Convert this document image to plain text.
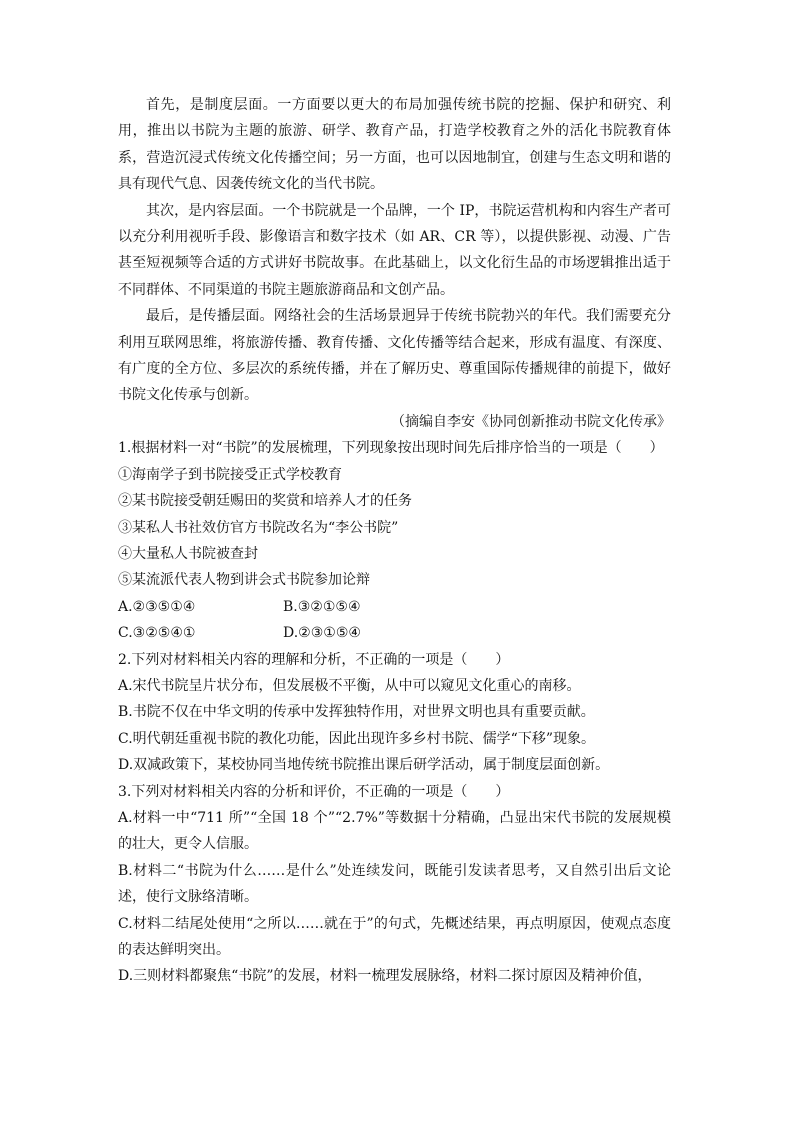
首先，是制度层面。一方面要以更大的布局加强传统书院的挖掘、保护和研究、利用，推出以书院为主题的旅游、研学、教育产品，打造学校教育之外的活化书院教育体系，营造沉浸式传统文化传播空间；另一方面，也可以因地制宜，创建与生态文明和谐的具有现代气息、因袭传统文化的当代书院。

其次，是内容层面。一个书院就是一个品牌，一个 IP，书院运营机构和内容生产者可以充分利用视听手段、影像语言和数字技术（如 AR、CR 等），以提供影视、动漫、广告甚至短视频等合适的方式讲好书院故事。在此基础上，以文化衍生品的市场逻辑推出适于不同群体、不同渠道的书院主题旅游商品和文创产品。

最后，是传播层面。网络社会的生活场景迥异于传统书院勃兴的年代。我们需要充分利用互联网思维，将旅游传播、教育传播、文化传播等结合起来，形成有温度、有深度、有广度的全方位、多层次的系统传播，并在了解历史、尊重国际传播规律的前提下，做好书院文化传承与创新。

（摘编自李安《协同创新推动书院文化传承》

1.根据材料一对“书院”的发展梳理，下列现象按出现时间先后排序恰当的一项是（　　）

①海南学子到书院接受正式学校教育

②某书院接受朝廷赐田的奖赏和培养人才的任务

③某私人书社效仿官方书院改名为“李公书院”

④大量私人书院被查封

⑤某流派代表人物到讲会式书院参加论辩

A.②③⑤①④	B.③②①⑤④
C.③②⑤④①	D.②③①⑤④

2.下列对材料相关内容的理解和分析，不正确的一项是（　　）

A.宋代书院呈片状分布，但发展极不平衡，从中可以窥见文化重心的南移。

B.书院不仅在中华文明的传承中发挥独特作用，对世界文明也具有重要贡献。

C.明代朝廷重视书院的教化功能，因此出现许多乡村书院、儒学“下移”现象。

D.双减政策下，某校协同当地传统书院推出课后研学活动，属于制度层面创新。

3.下列对材料相关内容的分析和评价，不正确的一项是（　　）

A.材料一中“711 所”“全国 18 个”“2.7%”等数据十分精确，凸显出宋代书院的发展规模的壮大，更令人信服。

B.材料二“书院为什么……是什么”处连续发问，既能引发读者思考，又自然引出后文论述，使行文脉络清晰。

C.材料二结尾处使用“之所以……就在于”的句式，先概述结果，再点明原因，使观点态度的表达鲜明突出。

D.三则材料都聚焦“书院”的发展，材料一梳理发展脉络，材料二探讨原因及精神价值，
